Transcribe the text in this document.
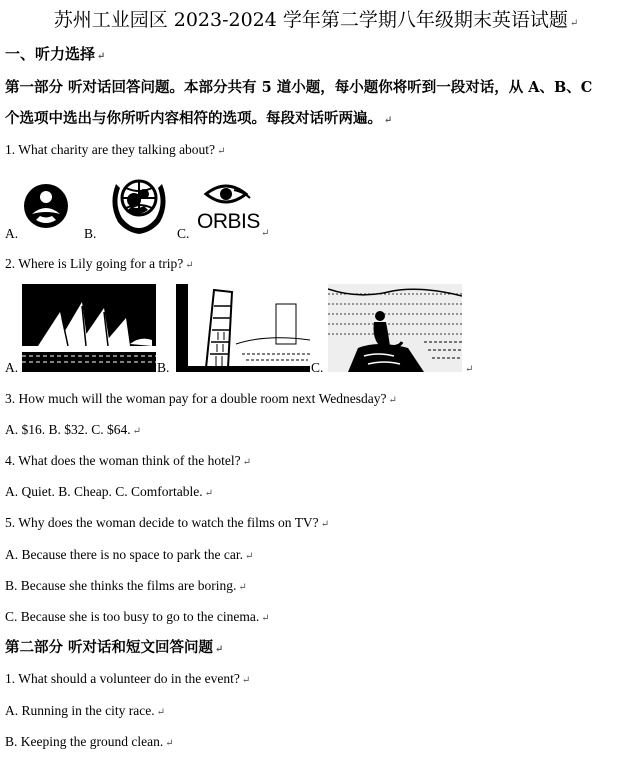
苏州工业园区 2023-2024 学年第二学期八年级期末英语试题 ↵
一、听力选择 ↵
第一部分 听对话回答问题。本部分共有 5 道小题，每小题你将听到一段对话，从 A、B、C
个选项中选出与你所听内容相符的选项。每段对话听两遍。 ↵
1. What charity are they talking about? ↵
A.	B.	C.
ORBIS
↵
2. Where is Lily going for a trip? ↵
A.	B.	C.	↵
3. How much will the woman pay for a double room next Wednesday? ↵
A. $16. B. $32. C. $64. ↵
4. What does the woman think of the hotel? ↵
A. Quiet. B. Cheap. C. Comfortable. ↵
5. Why does the woman decide to watch the films on TV? ↵
A. Because there is no space to park the car. ↵
B. Because she thinks the films are boring. ↵
C. Because she is too busy to go to the cinema. ↵
第二部分 听对话和短文回答问题 ↵
1. What should a volunteer do in the event? ↵
A. Running in the city race. ↵
B. Keeping the ground clean. ↵
